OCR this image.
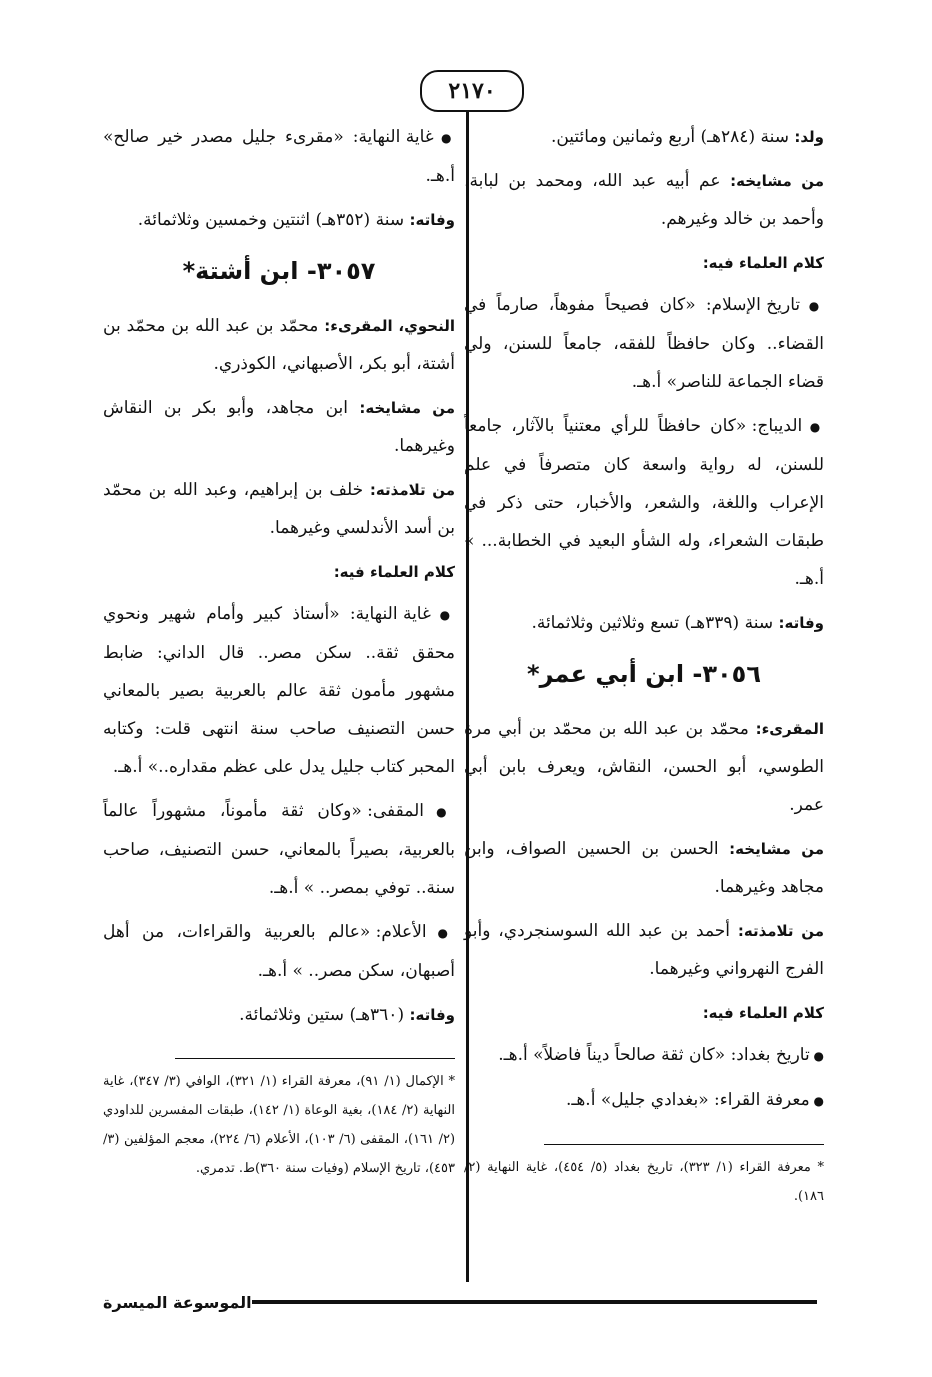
٢١٧٠

ولد: سنة (٢٨٤هـ) أربع وثمانين ومائتين.

من مشايخه: عم أبيه عبد الله، ومحمد بن لبابة، وأحمد بن خالد وغيرهم.

كلام العلماء فيه:

● تاريخ الإسلام: «كان فصيحاً مفوهاً، صارماً في القضاء.. وكان حافظاً للفقه، جامعاً للسنن، ولي قضاء الجماعة للناصر» أ.هـ.

● الديباج: «كان حافظاً للرأي معتنياً بالآثار، جامعاً للسنن، له رواية واسعة كان متصرفاً في علم الإعراب واللغة، والشعر، والأخبار، حتى ذكر في طبقات الشعراء، وله الشأو البعيد في الخطابة... » أ.هـ.

وفاته: سنة (٣٣٩هـ) تسع وثلاثين وثلاثمائة.

٣٠٥٦- ابن أبي عمر*

المقرىء: محمّد بن عبد الله بن محمّد بن أبي مرة الطوسي، أبو الحسن، النقاش، ويعرف بابن أبي عمر.

من مشايخه: الحسن بن الحسين الصواف، وابن مجاهد وغيرهما.

من تلامذته: أحمد بن عبد الله السوسنجردي، وأبو الفرج النهرواني وغيرهما.

كلام العلماء فيه:

● تاريخ بغداد: «كان ثقة صالحاً ديناً فاضلاً» أ.هـ.

● معرفة القراء: «بغدادي جليل» أ.هـ.

* معرفة القراء (١/ ٣٢٣)، تاريخ بغداد (٥/ ٤٥٤)، غاية النهاية (٢/ ١٨٦).

● غاية النهاية: «مقرىء جليل مصدر خير صالح» أ.هـ.

وفاته: سنة (٣٥٢هـ) اثنتين وخمسين وثلاثمائة.

٣٠٥٧- ابن أشتة*

النحوي، المقرىء: محمّد بن عبد الله بن محمّد بن أشتة، أبو بكر، الأصبهاني، الكوذري.

من مشايخه: ابن مجاهد، وأبو بكر بن النقاش وغيرهما.

من تلامذته: خلف بن إبراهيم، وعبد الله بن محمّد بن أسد الأندلسي وغيرهما.

كلام العلماء فيه:

● غاية النهاية: «أستاذ كبير وأمام شهير ونحوي محقق ثقة.. سكن مصر.. قال الداني: ضابط مشهور مأمون ثقة عالم بالعربية بصير بالمعاني حسن التصنيف صاحب سنة انتهى قلت: وكتابه المحبر كتاب جليل يدل على عظم مقداره..» أ.هـ.

● المقفى: «وكان ثقة مأموناً، مشهوراً عالماً بالعربية، بصيراً بالمعاني، حسن التصنيف، صاحب سنة.. توفي بمصر.. » أ.هـ.

● الأعلام: «عالم بالعربية والقراءات، من أهل أصبهان، سكن مصر.. » أ.هـ.

وفاته: (٣٦٠هـ) ستين وثلاثمائة.

* الإكمال (١/ ٩١)، معرفة القراء (١/ ٣٢١)، الوافي (٣/ ٣٤٧)، غاية النهاية (٢/ ١٨٤)، بغية الوعاة (١/ ١٤٢)، طبقات المفسرين للداودي (٢/ ١٦١)، المقفى (٦/ ١٠٣)، الأعلام (٦/ ٢٢٤)، معجم المؤلفين (٣/ ٤٥٣)، تاريخ الإسلام (وفيات سنة ٣٦٠)ط. تدمري.
الموسوعة الميسرة
